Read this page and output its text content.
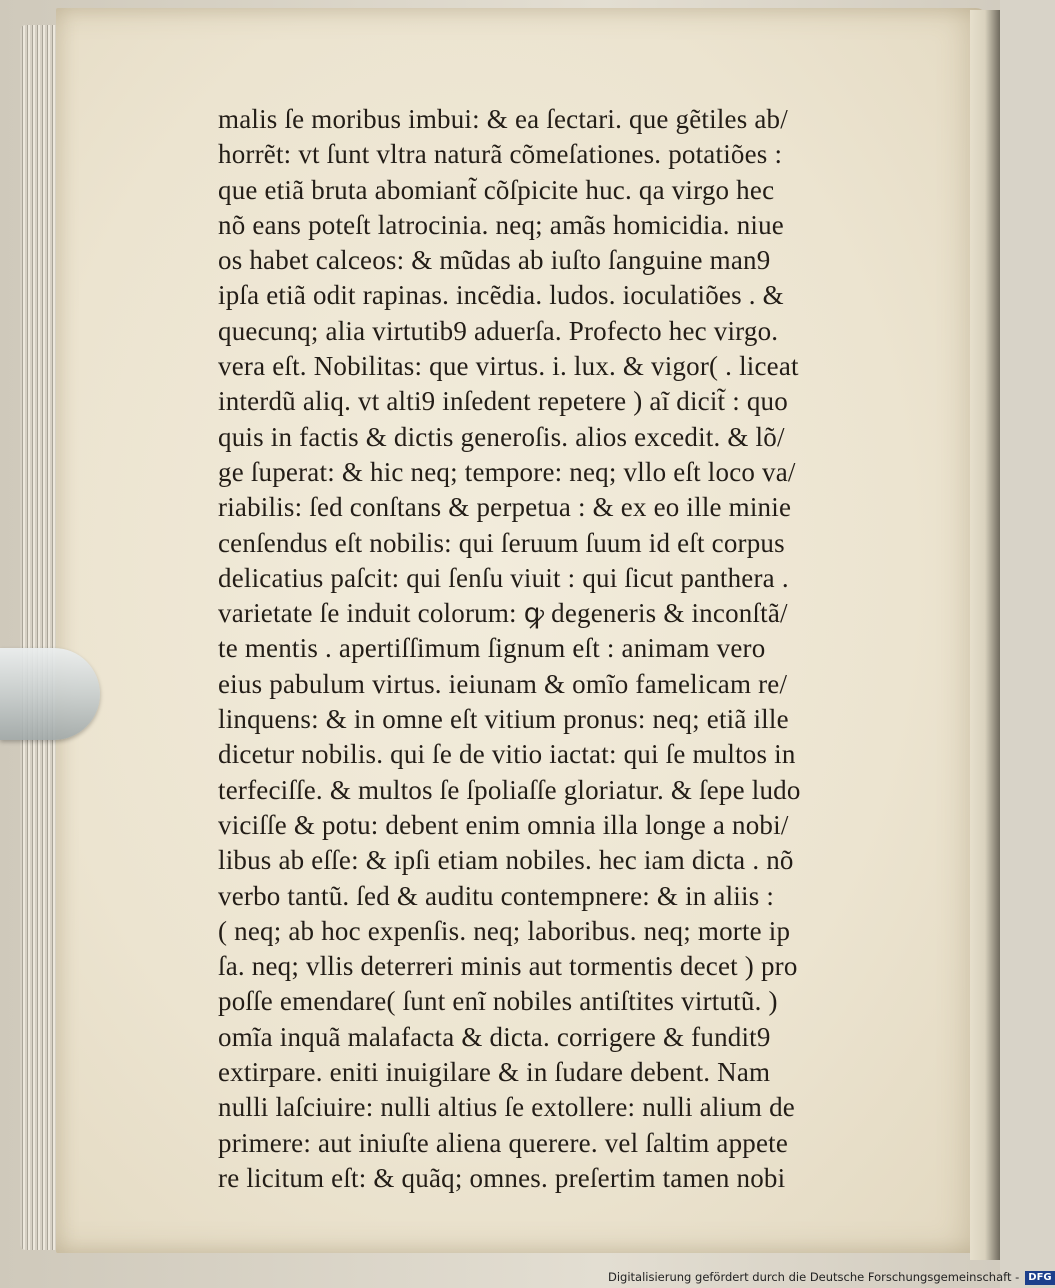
malis ſe moribus imbui: & ea ſectari. que gẽtiles ab/
horrẽt: vt ſunt vltra naturã cõmeſationes. potatiões :
que etiã bruta abomiant̃ cõſpicite huc. qa virgo hec
nõ eans poteſt latrocinia. neq; amãs homicidia. niue
os habet calceos: & mũdas ab iuſto ſanguine man9
ipſa etiã odit rapinas. incẽdia. ludos. ioculatiões . &
quecunq; alia virtutib9 aduerſa. Profecto hec virgo.
vera eſt. Nobilitas: que virtus. i. lux. & vigor( . liceat
interdũ aliq. vt alti9 inſedent repetere ) aĩ dicit̃ : quo
quis in factis & dictis generoſis. alios excedit. & lõ/
ge ſuperat: & hic neq; tempore: neq; vllo eſt loco va/
riabilis: ſed conſtans & perpetua : & ex eo ille minie
cenſendus eſt nobilis: qui ſeruum ſuum id eſt corpus
delicatius paſcit: qui ſenſu viuit : qui ſicut panthera .
varietate ſe induit colorum: ꝙ degeneris & inconſtã/
te mentis . apertiſſimum ſignum eſt : animam vero
eius pabulum virtus. ieiunam & omĩo famelicam re/
linquens: & in omne eſt vitium pronus: neq; etiã ille
dicetur nobilis. qui ſe de vitio iactat: qui ſe multos in
terfeciſſe. & multos ſe ſpoliaſſe gloriatur. & ſepe ludo
viciſſe & potu: debent enim omnia illa longe a nobi/
libus ab eſſe: & ipſi etiam nobiles. hec iam dicta . nõ
verbo tantũ. ſed & auditu contempnere: & in aliis :
( neq; ab hoc expenſis. neq; laboribus. neq; morte ip
ſa. neq; vllis deterreri minis aut tormentis decet ) pro
poſſe emendare( ſunt enĩ nobiles antiſtites virtutũ. )
omĩa inquã malafacta & dicta. corrigere & fundit9
extirpare. eniti inuigilare & in ſudare debent. Nam
nulli laſciuire: nulli altius ſe extollere: nulli alium de
primere: aut iniuſte aliena querere. vel ſaltim appete
re licitum eſt: & quãq; omnes. preſertim tamen nobi
Digitalisierung gefördert durch die Deutsche Forschungsgemeinschaft - DFG
